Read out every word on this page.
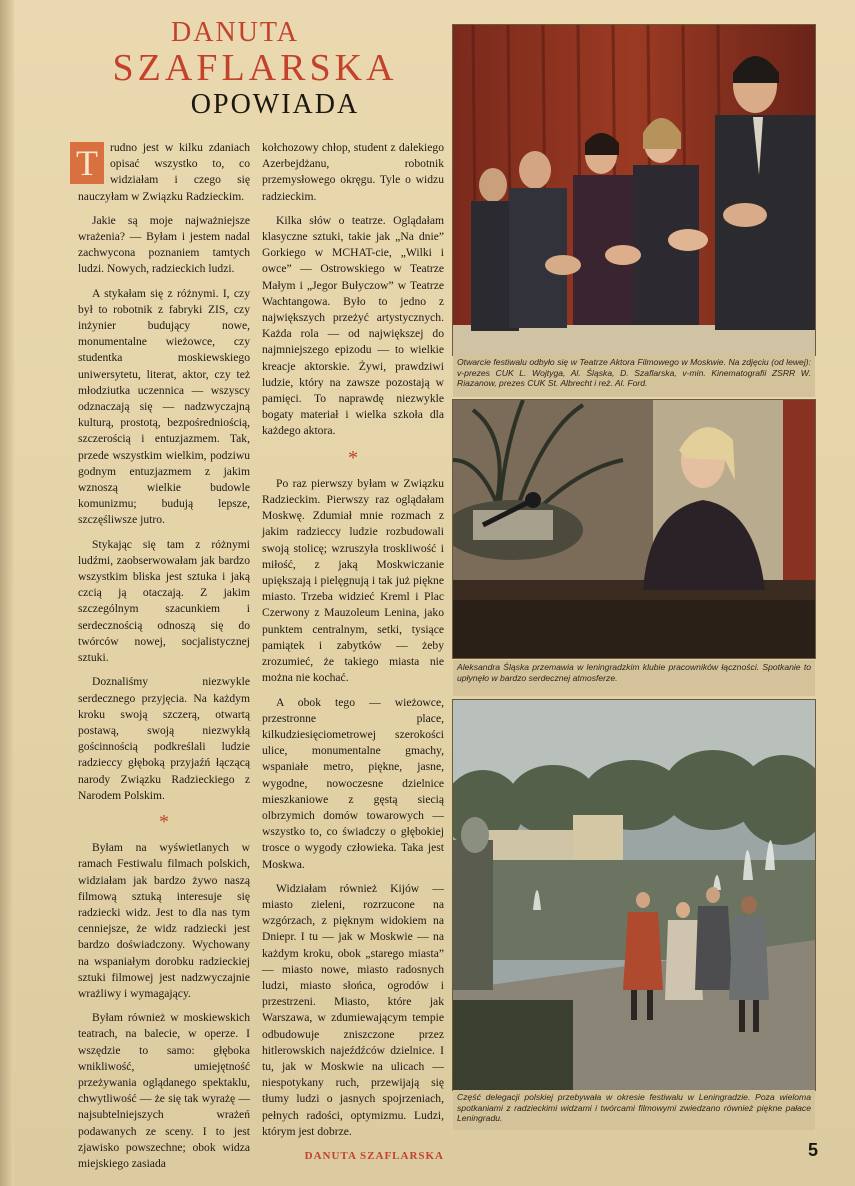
DANUTA
SZAFLARSKA
OPOWIADA

T	rudno jest w kilku zdaniach opisać wszystko to, co widziałam i czego się nauczyłam w Związku Radzieckim.

Jakie są moje najważniejsze wrażenia? — Byłam i jestem nadal zachwycona poznaniem tamtych ludzi. Nowych, radzieckich ludzi.

A stykałam się z różnymi. I, czy był to robotnik z fabryki ZIS, czy inżynier budujący nowe, monumentalne wieżowce, czy studentka moskiewskiego uniwersytetu, literat, aktor, czy też młodziutka uczennica — wszyscy odznaczają się — nadzwyczajną kulturą, prostotą, bezpośredniością, szczerością i entuzjazmem. Tak, przede wszystkim wielkim, podziwu godnym entuzjazmem z jakim wznoszą wielkie budowle komunizmu; budują lepsze, szczęśliwsze jutro.

Stykając się tam z różnymi ludźmi, zaobserwowałam jak bardzo wszystkim bliska jest sztuka i jaką czcią ją otaczają. Z jakim szczególnym szacunkiem i serdecznością odnoszą się do twórców nowej, socjalistycznej sztuki.

Doznaliśmy niezwykle serdecznego przyjęcia. Na każdym kroku swoją szczerą, otwartą postawą, swoją niezwykłą gościnnością podkreślali ludzie radzieccy głęboką przyjaźń łączącą narody Związku Radzieckiego z Narodem Polskim.

*

Byłam na wyświetlanych w ramach Festiwalu filmach polskich, widziałam jak bardzo żywo naszą filmową sztuką interesuje się radziecki widz. Jest to dla nas tym cenniejsze, że widz radziecki jest bardzo doświadczony. Wychowany na wspaniałym dorobku radzieckiej sztuki filmowej jest nadzwyczajnie wrażliwy i wymagający.

Byłam również w moskiewskich teatrach, na balecie, w operze. I wszędzie to samo: głęboka wnikliwość, umiejętność przeżywania oglądanego spektaklu, chwytliwość — że się tak wyrażę — najsubtelniejszych wrażeń podawanych ze sceny. I to jest zjawisko powszechne; obok widza miejskiego zasiada

kołchozowy chłop, student z dalekiego Azerbejdżanu, robotnik przemysłowego okręgu. Tyle o widzu radzieckim.

Kilka słów o teatrze. Oglądałam klasyczne sztuki, takie jak „Na dnie” Gorkiego w MCHAT-cie, „Wilki i owce” — Ostrowskiego w Teatrze Małym i „Jegor Bułyczow” w Teatrze Wachtangowa. Było to jedno z największych przeżyć artystycznych. Każda rola — od największej do najmniejszego epizodu — to wielkie kreacje aktorskie. Żywi, prawdziwi ludzie, który na zawsze pozostają w pamięci. To naprawdę niezwykle bogaty materiał i wielka szkoła dla każdego aktora.

*

Po raz pierwszy byłam w Związku Radzieckim. Pierwszy raz oglądałam Moskwę. Zdumiał mnie rozmach z jakim radzieccy ludzie rozbudowali swoją stolicę; wzruszyła troskliwość i miłość, z jaką Moskwiczanie upiększają i pielęgnują i tak już piękne miasto. Trzeba widzieć Kreml i Plac Czerwony z Mauzoleum Lenina, jako punktem centralnym, setki, tysiące pamiątek i zabytków — żeby zrozumieć, że takiego miasta nie można nie kochać.

A obok tego — wieżowce, przestronne place, kilkudziesięciometrowej szerokości ulice, monumentalne gmachy, wspaniałe metro, piękne, jasne, wygodne, nowoczesne dzielnice mieszkaniowe z gęstą siecią olbrzymich domów towarowych — wszystko to, co świadczy o głębokiej trosce o wygody człowieka. Taka jest Moskwa.

Widziałam również Kijów — miasto zieleni, rozrzucone na wzgórzach, z pięknym widokiem na Dniepr. I tu — jak w Moskwie — na każdym kroku, obok „starego miasta” — miasto nowe, miasto radosnych ludzi, miasto słońca, ogrodów i przestrzeni. Miasto, które jak Warszawa, w zdumiewającym tempie odbudowuje zniszczone przez hitlerowskich najeźdźców dzielnice. I tu, jak w Moskwie na ulicach — niespotykany ruch, przewijają się tłumy ludzi o jasnych spojrzeniach, pełnych radości, optymizmu. Ludzi, którym jest dobrze.

DANUTA SZAFLARSKA
Otwarcie festiwalu odbyło się w Teatrze Aktora Filmowego w Moskwie. Na zdjęciu (od lewej): v-prezes CUK L. Wojtyga, Al. Śląska, D. Szaflarska, v-min. Kinematografii ZSRR W. Riazanow, prezes CUK St. Albrecht i reż. Al. Ford.
Aleksandra Śląska przemawia w leningradzkim klubie pracowników łączności. Spotkanie to upłynęło w bardzo serdecznej atmosferze.
Część delegacji polskiej przebywała w okresie festiwalu w Leningradzie. Poza wieloma spotkaniami z radzieckimi widzami i twórcami filmowymi zwiedzano również piękne pałace Leningradu.
5
